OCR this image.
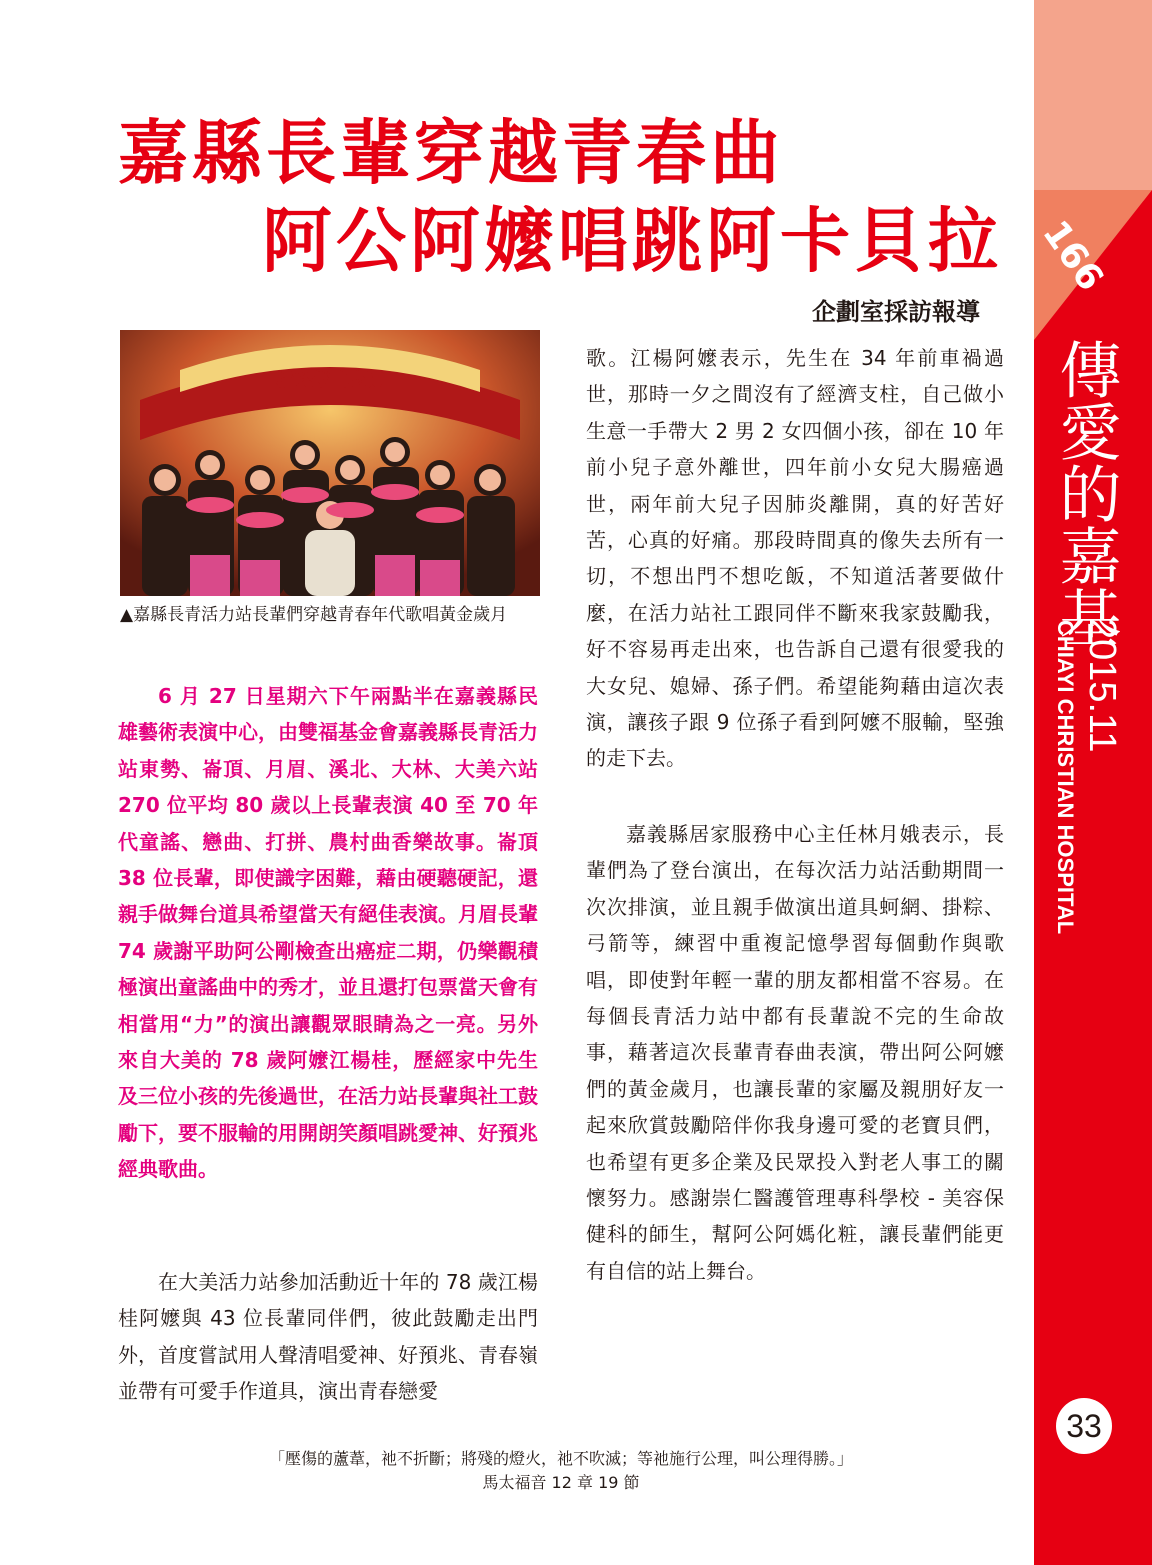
166
傳愛的嘉基
2015.11
CHIAYI CHRISTIAN HOSPITAL
33
嘉縣長輩穿越青春曲
阿公阿嬤唱跳阿卡貝拉
企劃室採訪報導
精彩樂曲表演
▲嘉縣長青活力站長輩們穿越青春年代歌唱黃金歲月

6 月 27 日星期六下午兩點半在嘉義縣民雄藝術表演中心，由雙福基金會嘉義縣長青活力站東勢、崙頂、月眉、溪北、大林、大美六站 270 位平均 80 歲以上長輩表演 40 至 70 年代童謠、戀曲、打拼、農村曲香樂故事。崙頂 38 位長輩，即使識字困難，藉由硬聽硬記，還親手做舞台道具希望當天有絕佳表演。月眉長輩 74 歲謝平助阿公剛檢查出癌症二期，仍樂觀積極演出童謠曲中的秀才，並且還打包票當天會有相當用“力”的演出讓觀眾眼睛為之一亮。另外來自大美的 78 歲阿嬤江楊桂，歷經家中先生及三位小孩的先後過世，在活力站長輩與社工鼓勵下，要不服輸的用開朗笑顏唱跳愛神、好預兆經典歌曲。

在大美活力站參加活動近十年的 78 歲江楊桂阿嬤與 43 位長輩同伴們，彼此鼓勵走出門外，首度嘗試用人聲清唱愛神、好預兆、青春嶺並帶有可愛手作道具，演出青春戀愛

歌。江楊阿嬤表示，先生在 34 年前車禍過世，那時一夕之間沒有了經濟支柱，自己做小生意一手帶大 2 男 2 女四個小孩，卻在 10 年前小兒子意外離世，四年前小女兒大腸癌過世，兩年前大兒子因肺炎離開，真的好苦好苦，心真的好痛。那段時間真的像失去所有一切，不想出門不想吃飯，不知道活著要做什麼，在活力站社工跟同伴不斷來我家鼓勵我，好不容易再走出來，也告訴自己還有很愛我的大女兒、媳婦、孫子們。希望能夠藉由這次表演，讓孩子跟 9 位孫子看到阿嬤不服輸，堅強的走下去。

嘉義縣居家服務中心主任林月娥表示，長輩們為了登台演出，在每次活力站活動期間一次次排演，並且親手做演出道具蚵網、掛粽、弓箭等，練習中重複記憶學習每個動作與歌唱，即使對年輕一輩的朋友都相當不容易。在每個長青活力站中都有長輩說不完的生命故事，藉著這次長輩青春曲表演，帶出阿公阿嬤們的黃金歲月，也讓長輩的家屬及親朋好友一起來欣賞鼓勵陪伴你我身邊可愛的老寶貝們，也希望有更多企業及民眾投入對老人事工的關懷努力。感謝崇仁醫護管理專科學校 - 美容保健科的師生，幫阿公阿媽化粧，讓長輩們能更有自信的站上舞台。

「壓傷的蘆葦，祂不折斷；將殘的燈火，祂不吹滅；等祂施行公理，叫公理得勝。」
馬太福音 12 章 19 節
